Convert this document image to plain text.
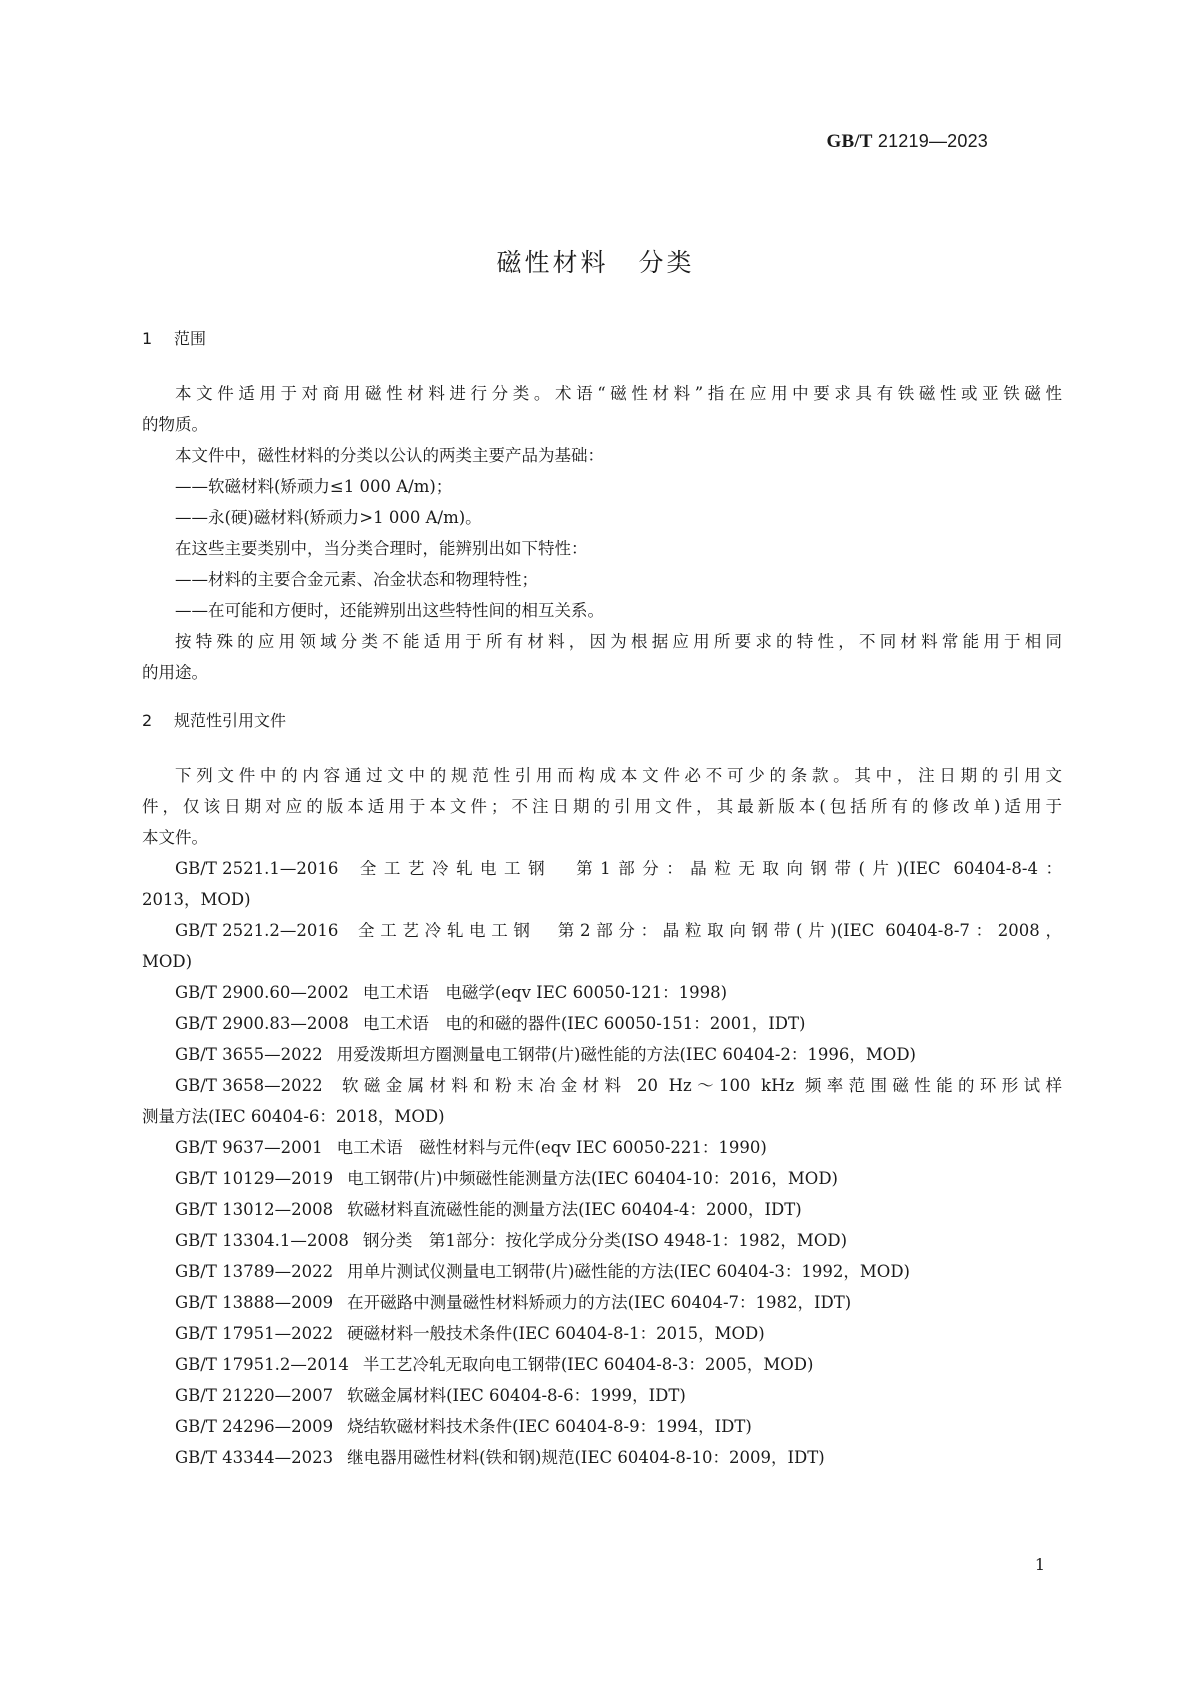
GB/T 21219—2023
磁性材料 分类
1 范围
本文件适用于对商用磁性材料进行分类。术语“磁性材料”指在应用中要求具有铁磁性或亚铁磁性
的物质。
本文件中，磁性材料的分类以公认的两类主要产品为基础：
——软磁材料(矫顽力≤1 000 A/m)；
——永(硬)磁材料(矫顽力>1 000 A/m)。
在这些主要类别中，当分类合理时，能辨别出如下特性：
——材料的主要合金元素、冶金状态和物理特性；
——在可能和方便时，还能辨别出这些特性间的相互关系。
按特殊的应用领域分类不能适用于所有材料，因为根据应用所要求的特性，不同材料常能用于相同
的用途。
2 规范性引用文件
下列文件中的内容通过文中的规范性引用而构成本文件必不可少的条款。其中，注日期的引用文
件，仅该日期对应的版本适用于本文件；不注日期的引用文件，其最新版本(包括所有的修改单)适用于
本文件。
GB/T 2521.1—2016 全工艺冷轧电工钢　第1部分：晶粒无取向钢带(片)(IEC 60404-8-4：
2013，MOD)
GB/T 2521.2—2016 全工艺冷轧电工钢　第2部分：晶粒取向钢带(片)(IEC 60404-8-7：2008，
MOD)
GB/T 2900.60—2002 电工术语　电磁学(eqv IEC 60050-121：1998)
GB/T 2900.83—2008 电工术语　电的和磁的器件(IEC 60050-151：2001，IDT)
GB/T 3655—2022 用爱泼斯坦方圈测量电工钢带(片)磁性能的方法(IEC 60404-2：1996，MOD)
GB/T 3658—2022 软磁金属材料和粉末冶金材料 20 Hz～100 kHz 频率范围磁性能的环形试样
测量方法(IEC 60404-6：2018，MOD)
GB/T 9637—2001 电工术语　磁性材料与元件(eqv IEC 60050-221：1990)
GB/T 10129—2019 电工钢带(片)中频磁性能测量方法(IEC 60404-10：2016，MOD)
GB/T 13012—2008 软磁材料直流磁性能的测量方法(IEC 60404-4：2000，IDT)
GB/T 13304.1—2008 钢分类　第1部分：按化学成分分类(ISO 4948-1：1982，MOD)
GB/T 13789—2022 用单片测试仪测量电工钢带(片)磁性能的方法(IEC 60404-3：1992，MOD)
GB/T 13888—2009 在开磁路中测量磁性材料矫顽力的方法(IEC 60404-7：1982，IDT)
GB/T 17951—2022 硬磁材料一般技术条件(IEC 60404-8-1：2015，MOD)
GB/T 17951.2—2014 半工艺冷轧无取向电工钢带(IEC 60404-8-3：2005，MOD)
GB/T 21220—2007 软磁金属材料(IEC 60404-8-6：1999，IDT)
GB/T 24296—2009 烧结软磁材料技术条件(IEC 60404-8-9：1994，IDT)
GB/T 43344—2023 继电器用磁性材料(铁和钢)规范(IEC 60404-8-10：2009，IDT)
1
